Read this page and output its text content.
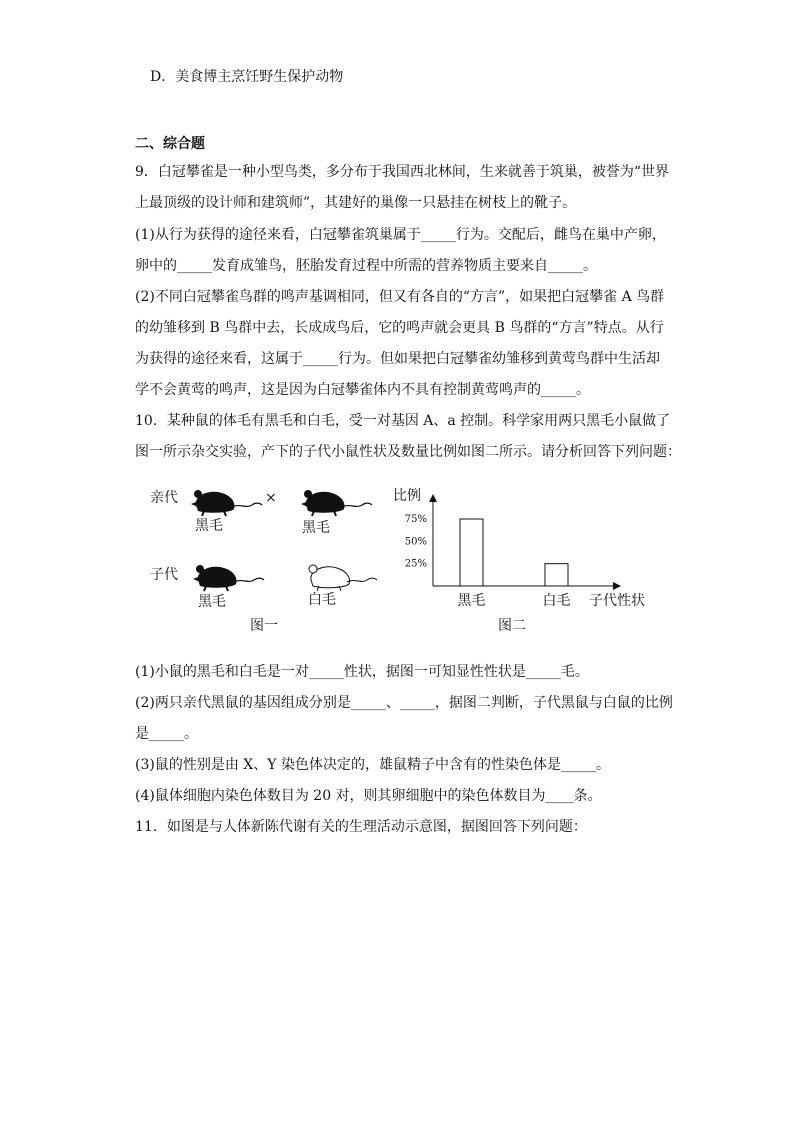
D．美食博主烹饪野生保护动物
二、综合题
9．白冠攀雀是一种小型鸟类，多分布于我国西北林间，生来就善于筑巢，被誉为“世界
上最顶级的设计师和建筑师”，其建好的巢像一只悬挂在树枝上的靴子。
(1)从行为获得的途径来看，白冠攀雀筑巢属于_____行为。交配后，雌鸟在巢中产卵，
卵中的_____发育成雏鸟，胚胎发育过程中所需的营养物质主要来自_____。
(2)不同白冠攀雀鸟群的鸣声基调相同，但又有各自的“方言”，如果把白冠攀雀 A 鸟群
的幼雏移到 B 鸟群中去，长成成鸟后，它的鸣声就会更具 B 鸟群的“方言”特点。从行
为获得的途径来看，这属于_____行为。但如果把白冠攀雀幼雏移到黄莺鸟群中生活却
学不会黄莺的鸣声，这是因为白冠攀雀体内不具有控制黄莺鸣声的_____。
10．某种鼠的体毛有黑毛和白毛，受一对基因 A、a 控制。科学家用两只黑毛小鼠做了
图一所示杂交实验，产下的子代小鼠性状及数量比例如图二所示。请分析回答下列问题：
亲代	×
黑毛	黑毛
子代
黑毛	白毛
图一
比例
子代性状
25%
50%
75%
黑毛	白毛
图二
(1)小鼠的黑毛和白毛是一对_____性状，据图一可知显性性状是_____毛。
(2)两只亲代黑鼠的基因组成分别是_____、_____，据图二判断，子代黑鼠与白鼠的比例
是_____。
(3)鼠的性别是由 X、Y 染色体决定的，雄鼠精子中含有的性染色体是_____。
(4)鼠体细胞内染色体数目为 20 对，则其卵细胞中的染色体数目为____条。
11．如图是与人体新陈代谢有关的生理活动示意图，据图回答下列问题：
